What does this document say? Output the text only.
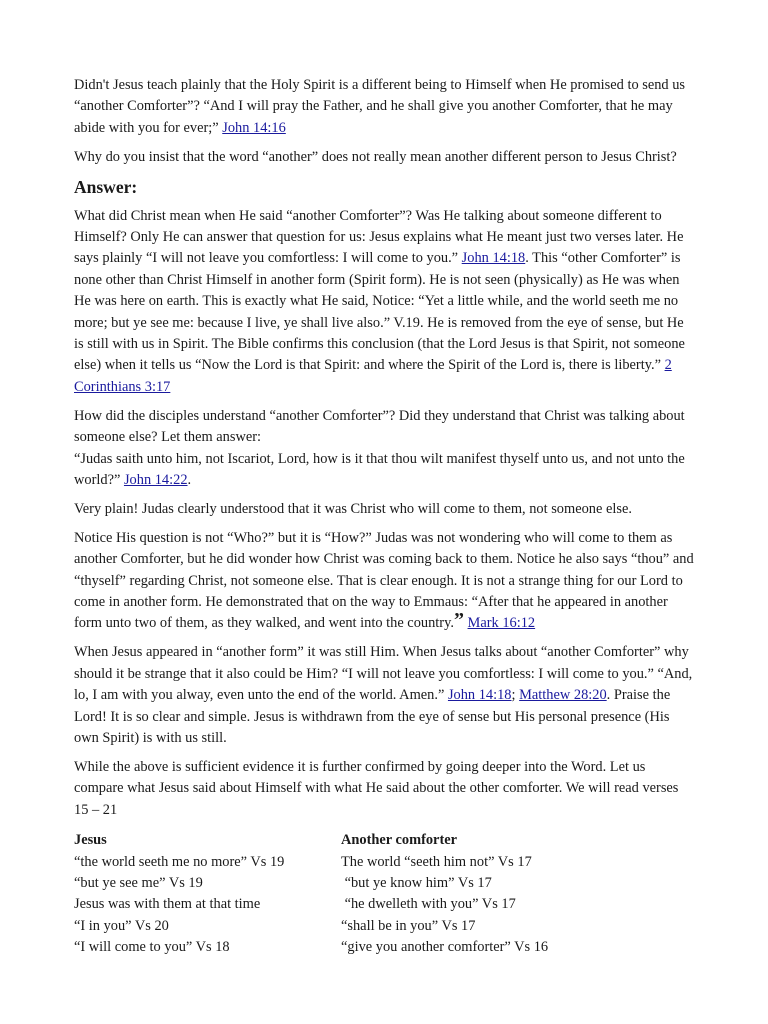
Didn't Jesus teach plainly that the Holy Spirit is a different being to Himself when He promised to send us “another Comforter”? “And I will pray the Father, and he shall give you another Comforter, that he may abide with you for ever;” John 14:16

Why do you insist that the word “another” does not really mean another different person to Jesus Christ?

Answer:

What did Christ mean when He said “another Comforter”? Was He talking about someone different to Himself? Only He can answer that question for us: Jesus explains what He meant just two verses later. He says plainly “I will not leave you comfortless: I will come to you.” John 14:18. This “other Comforter” is none other than Christ Himself in another form (Spirit form). He is not seen (physically) as He was when He was here on earth. This is exactly what He said, Notice: “Yet a little while, and the world seeth me no more; but ye see me: because I live, ye shall live also.” V.19. He is removed from the eye of sense, but He is still with us in Spirit. The Bible confirms this conclusion (that the Lord Jesus is that Spirit, not someone else) when it tells us “Now the Lord is that Spirit: and where the Spirit of the Lord is, there is liberty.” 2 Corinthians 3:17

How did the disciples understand “another Comforter”? Did they understand that Christ was talking about someone else? Let them answer:
“Judas saith unto him, not Iscariot, Lord, how is it that thou wilt manifest thyself unto us, and not unto the world?” John 14:22.

Very plain! Judas clearly understood that it was Christ who will come to them, not someone else.

Notice His question is not “Who?” but it is “How?” Judas was not wondering who will come to them as another Comforter, but he did wonder how Christ was coming back to them. Notice he also says “thou” and “thyself” regarding Christ, not someone else. That is clear enough. It is not a strange thing for our Lord to come in another form. He demonstrated that on the way to Emmaus: “After that he appeared in another form unto two of them, as they walked, and went into the country.” Mark 16:12

When Jesus appeared in “another form” it was still Him. When Jesus talks about “another Comforter” why should it be strange that it also could be Him? “I will not leave you comfortless: I will come to you.” “And, lo, I am with you alway, even unto the end of the world. Amen.” John 14:18; Matthew 28:20. Praise the Lord! It is so clear and simple. Jesus is withdrawn from the eye of sense but His personal presence (His own Spirit) is with us still.

While the above is sufficient evidence it is further confirmed by going deeper into the Word. Let us compare what Jesus said about Himself with what He said about the other comforter. We will read verses 15 – 21

Jesus	Another comforter
“the world seeth me no more” Vs 19	The world “seeth him not” Vs 17
“but ye see me” Vs 19	“but ye know him” Vs 17
Jesus was with them at that time	“he dwelleth with you” Vs 17
“I in you” Vs 20	“shall be in you” Vs 17
“I will come to you” Vs 18	“give you another comforter” Vs 16
